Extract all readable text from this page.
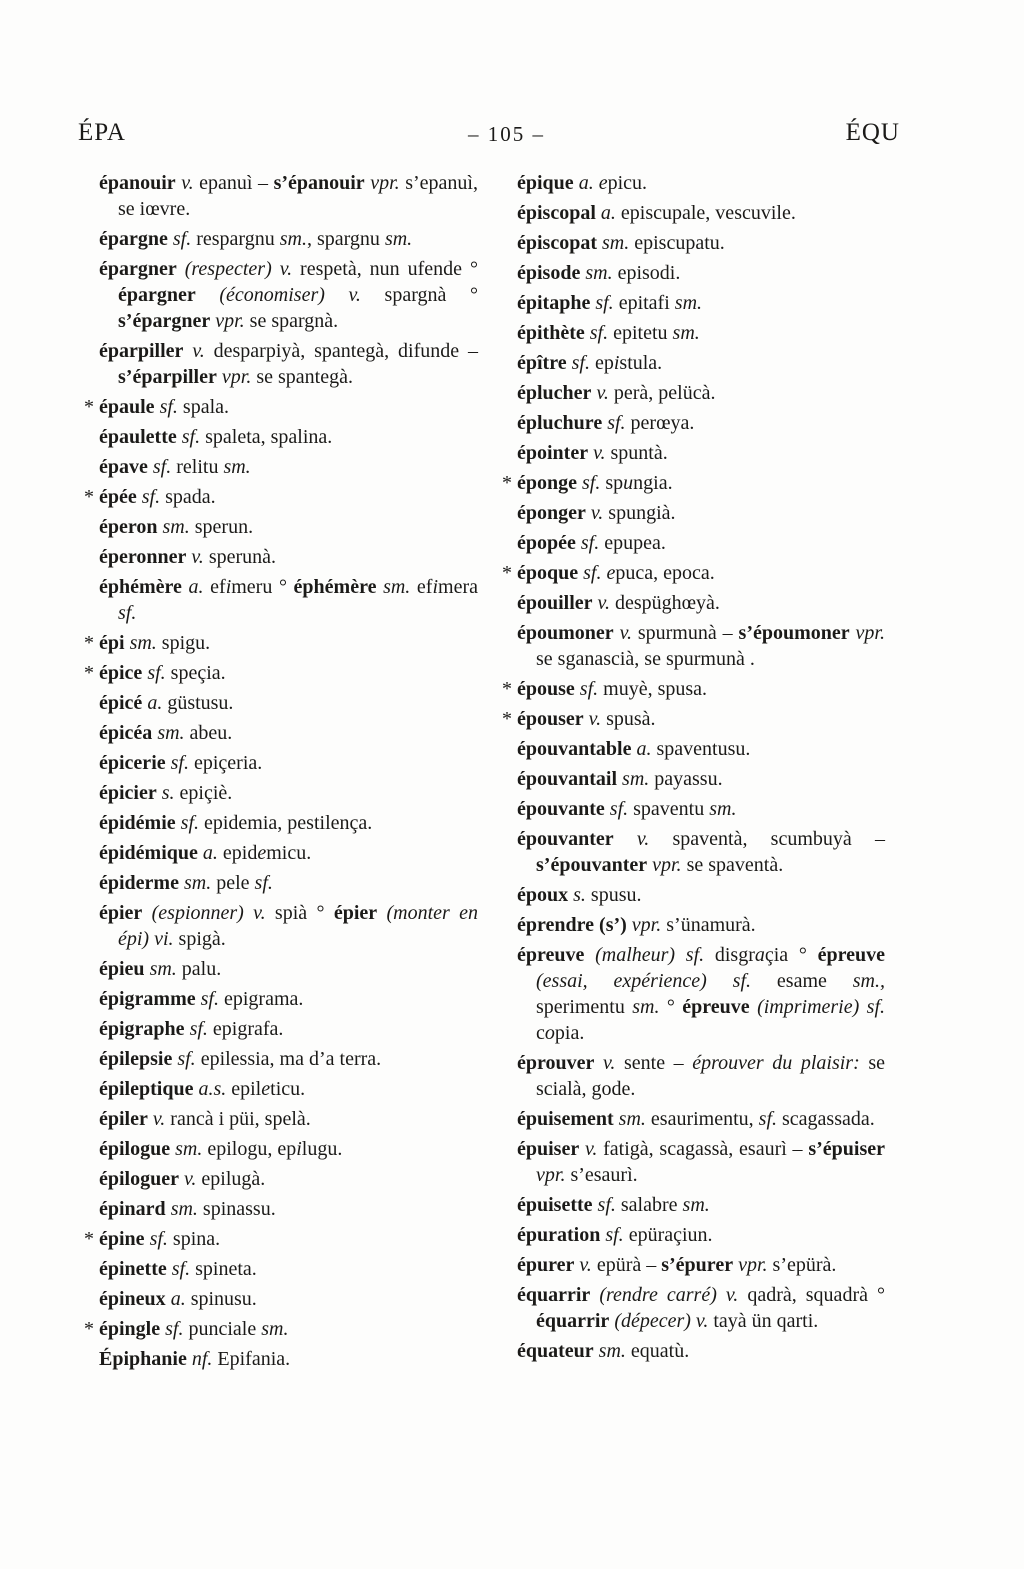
ÉPA	– 105 –	ÉQU
épanouir v. epanuì – s’épanouir vpr. s’epanuì, se iœvre.
épargne sf. respargnu sm., spargnu sm.
épargner (respecter) v. respetà, nun ufende ° épargner (économiser) v. spargnà ° s’épargner vpr. se spargnà.
éparpiller v. desparpiyà, spantegà, difunde – s’éparpiller vpr. se spantegà.
* épaule sf. spala.
épaulette sf. spaleta, spalina.
épave sf. relitu sm.
* épée sf. spada.
éperon sm. sperun.
éperonner v. sperunà.
éphémère a. efimeru ° éphémère sm. efimera sf.
* épi sm. spigu.
* épice sf. speçia.
épicé a. güstusu.
épicéa sm. abeu.
épicerie sf. epiçeria.
épicier s. epiçiè.
épidémie sf. epidemia, pestilença.
épidémique a. epidemicu.
épiderme sm. pele sf.
épier (espionner) v. spià ° épier (monter en épi) vi. spigà.
épieu sm. palu.
épigramme sf. epigrama.
épigraphe sf. epigrafa.
épilepsie sf. epilessia, ma d’a terra.
épileptique a.s. epileticu.
épiler v. rancà i püi, spelà.
épilogue sm. epilogu, epilugu.
épiloguer v. epilugà.
épinard sm. spinassu.
* épine sf. spina.
épinette sf. spineta.
épineux a. spinusu.
* épingle sf. punciale sm.
Épiphanie nf. Epifania.
épique a. epicu.
épiscopal a. episcupale, vescuvile.
épiscopat sm. episcupatu.
épisode sm. episodi.
épitaphe sf. epitafi sm.
épithète sf. epitetu sm.
épître sf. epistula.
éplucher v. perà, pelücà.
épluchure sf. perœya.
épointer v. spuntà.
* éponge sf. spungia.
éponger v. spungià.
épopée sf. epupea.
* époque sf. epuca, epoca.
épouiller v. despüghœyà.
époumoner v. spurmunà – s’époumoner vpr. se sganascià, se spurmunà .
* épouse sf. muyè, spusa.
* épouser v. spusà.
épouvantable a. spaventusu.
épouvantail sm. payassu.
épouvante sf. spaventu sm.
épouvanter v. spaventà, scumbuyà – s’épouvanter vpr. se spaventà.
époux s. spusu.
éprendre (s’) vpr. s’ünamurà.
épreuve (malheur) sf. disgraçia ° épreuve (essai, expérience) sf. esame sm., sperimentu sm. ° épreuve (imprimerie) sf. copia.
éprouver v. sente – éprouver du plaisir: se scialà, gode.
épuisement sm. esaurimentu, sf. scagassada.
épuiser v. fatigà, scagassà, esaurì – s’épuiser vpr. s’esaurì.
épuisette sf. salabre sm.
épuration sf. epüraçiun.
épurer v. epürà – s’épurer vpr. s’epürà.
équarrir (rendre carré) v. qadrà, squadrà ° équarrir (dépecer) v. tayà ün qarti.
équateur sm. equatù.
